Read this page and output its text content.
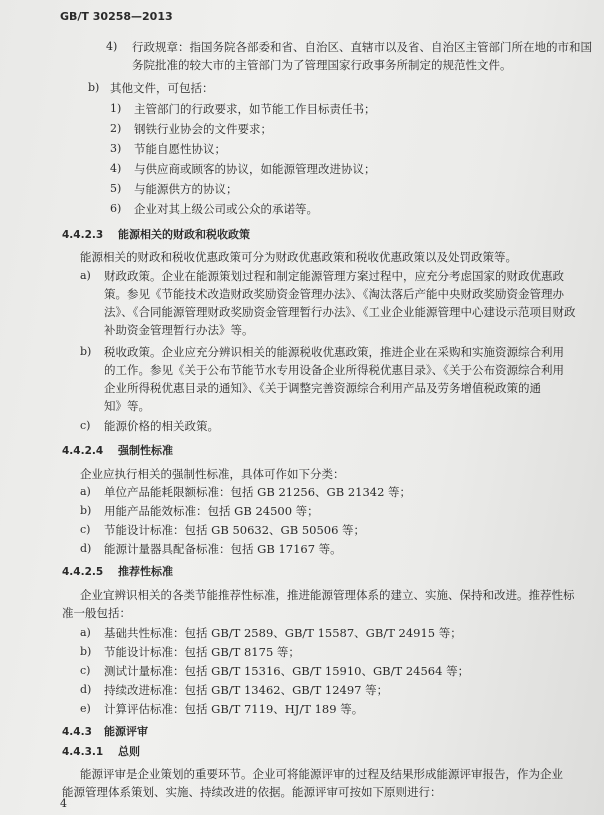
GB/T 30258—2013
4) 行政规章：指国务院各部委和省、自治区、直辖市以及省、自治区主管部门所在地的市和国
务院批准的较大市的主管部门为了管理国家行政事务所制定的规范性文件。
b) 其他文件，可包括：
1) 主管部门的行政要求，如节能工作目标责任书；
2) 钢铁行业协会的文件要求；
3) 节能自愿性协议；
4) 与供应商或顾客的协议，如能源管理改进协议；
5) 与能源供方的协议；
6) 企业对其上级公司或公众的承诺等。
4.4.2.3 能源相关的财政和税收政策
能源相关的财政和税收优惠政策可分为财政优惠政策和税收优惠政策以及处罚政策等。
a) 财政政策。企业在能源策划过程和制定能源管理方案过程中，应充分考虑国家的财政优惠政
策。参见《节能技术改造财政奖励资金管理办法》、《淘汰落后产能中央财政奖励资金管理办
法》、《合同能源管理财政奖励资金管理暂行办法》、《工业企业能源管理中心建设示范项目财政
补助资金管理暂行办法》等。
b) 税收政策。企业应充分辨识相关的能源税收优惠政策，推进企业在采购和实施资源综合利用
的工作。参见《关于公布节能节水专用设备企业所得税优惠目录》、《关于公布资源综合利用
企业所得税优惠目录的通知》、《关于调整完善资源综合利用产品及劳务增值税政策的通
知》等。
c) 能源价格的相关政策。
4.4.2.4 强制性标准
企业应执行相关的强制性标准，具体可作如下分类：
a) 单位产品能耗限额标准：包括 GB 21256、GB 21342 等；
b) 用能产品能效标准：包括 GB 24500 等；
c) 节能设计标准：包括 GB 50632、GB 50506 等；
d) 能源计量器具配备标准：包括 GB 17167 等。
4.4.2.5 推荐性标准
企业宜辨识相关的各类节能推荐性标准，推进能源管理体系的建立、实施、保持和改进。推荐性标
准一般包括：
a) 基础共性标准：包括 GB/T 2589、GB/T 15587、GB/T 24915 等；
b) 节能设计标准：包括 GB/T 8175 等；
c) 测试计量标准：包括 GB/T 15316、GB/T 15910、GB/T 24564 等；
d) 持续改进标准：包括 GB/T 13462、GB/T 12497 等；
e) 计算评估标准：包括 GB/T 7119、HJ/T 189 等。
4.4.3 能源评审
4.4.3.1 总则
能源评审是企业策划的重要环节。企业可将能源评审的过程及结果形成能源评审报告，作为企业
能源管理体系策划、实施、持续改进的依据。能源评审可按如下原则进行：
4
